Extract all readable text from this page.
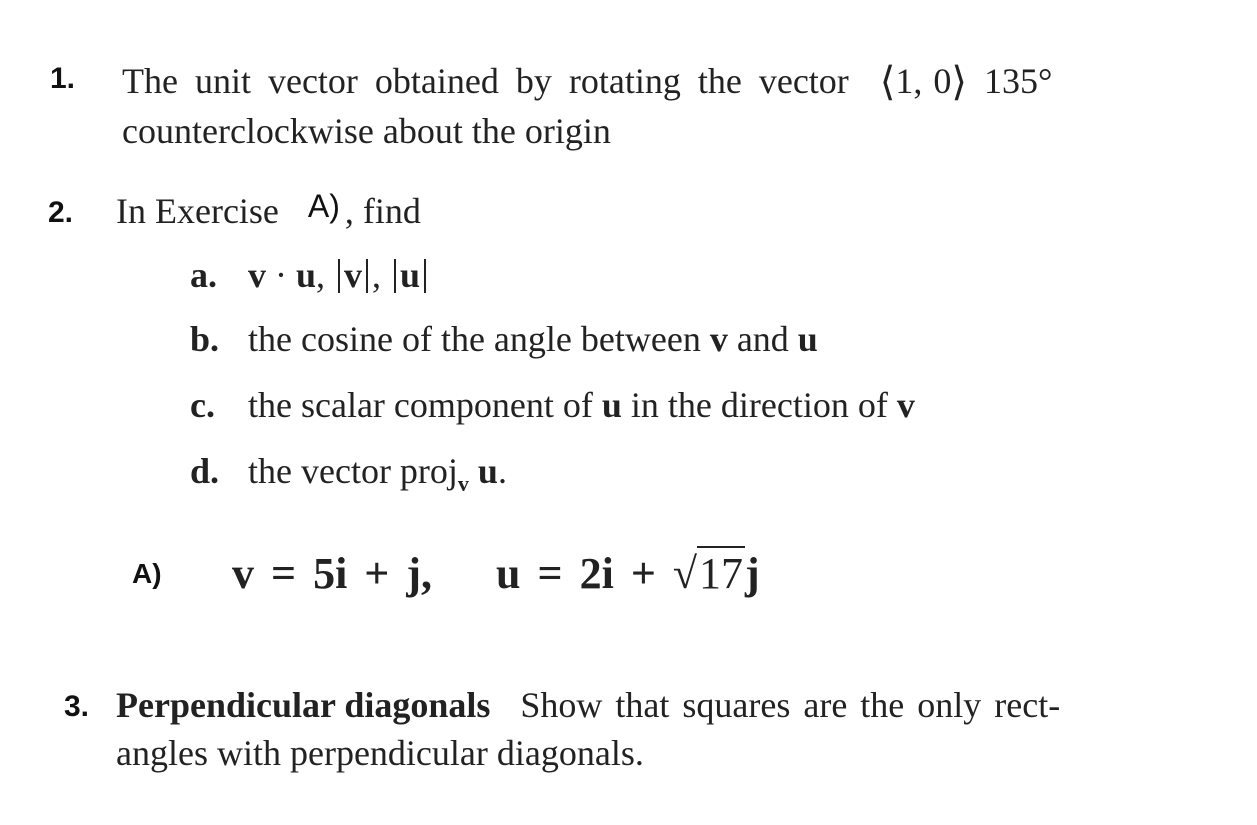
1. The unit vector obtained by rotating the vector ⟨1, 0⟩ 135°
counterclockwise about the origin
2. In Exercise A) , find
a. v · u, v , u
b. the cosine of the angle between v and u
c. the scalar component of u in the direction of v
d. the vector proj$_v$ u.
A) v = 5i + j, u = 2i + √17j
3. Perpendicular diagonals Show that squares are the only rect-
angles with perpendicular diagonals.
